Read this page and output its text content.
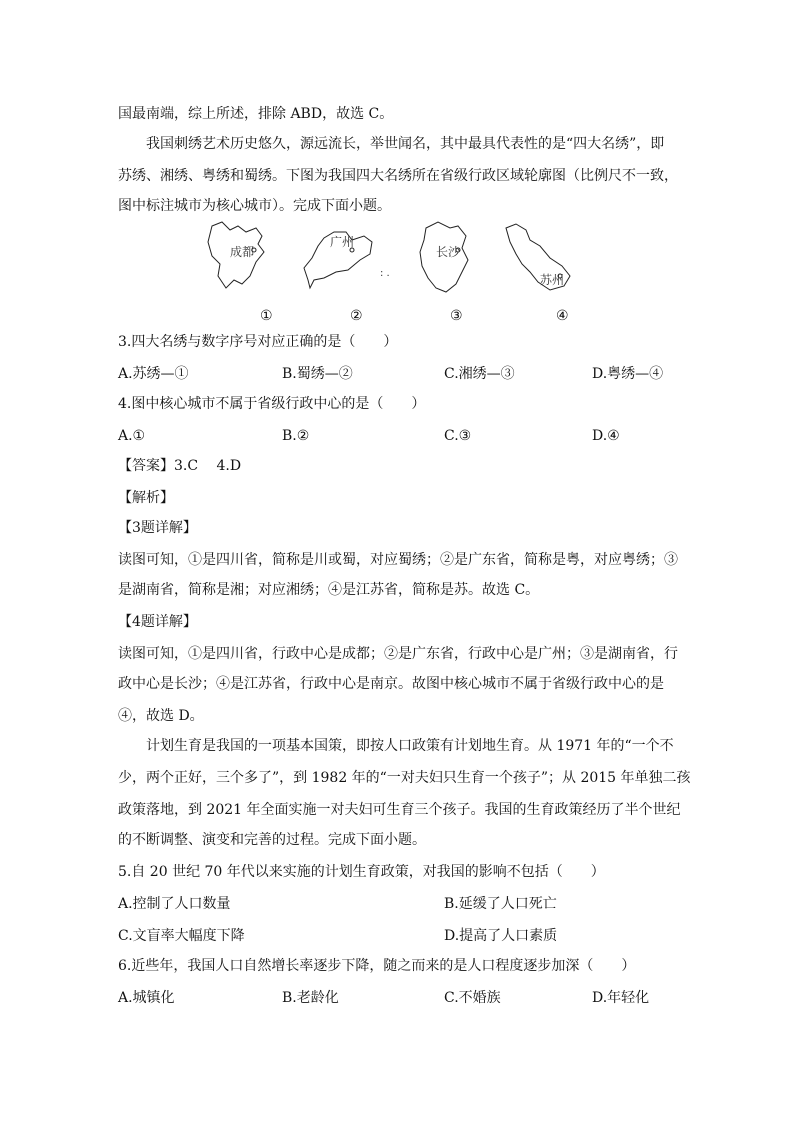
国最南端，综上所述，排除 ABD，故选 C。
我国刺绣艺术历史悠久，源远流长，举世闻名，其中最具代表性的是“四大名绣”，即
苏绣、湘绣、粤绣和蜀绣。下图为我国四大名绣所在省级行政区域轮廓图（比例尺不一致，
图中标注城市为核心城市）。完成下面小题。
成都
广州
: .
长沙
苏州
①	②	③	④
3.四大名绣与数字序号对应正确的是（　　）
A.苏绣—①	B.蜀绣—②	C.湘绣—③	D.粤绣—④
4.图中核心城市不属于省级行政中心的是（　　）
A.①	B.②	C.③	D.④
【答案】3.C　 4.D
【解析】
【3题详解】
读图可知，①是四川省，简称是川或蜀，对应蜀绣；②是广东省，简称是粤，对应粤绣；③
是湖南省，简称是湘；对应湘绣；④是江苏省，简称是苏。故选 C。
【4题详解】
读图可知，①是四川省，行政中心是成都；②是广东省，行政中心是广州；③是湖南省，行
政中心是长沙；④是江苏省，行政中心是南京。故图中核心城市不属于省级行政中心的是
④，故选 D。
计划生育是我国的一项基本国策，即按人口政策有计划地生育。从 1971 年的“一个不
少，两个正好，三个多了”，到 1982 年的“一对夫妇只生育一个孩子”；从 2015 年单独二孩
政策落地，到 2021 年全面实施一对夫妇可生育三个孩子。我国的生育政策经历了半个世纪
的不断调整、演变和完善的过程。完成下面小题。
5.自 20 世纪 70 年代以来实施的计划生育政策，对我国的影响不包括（　　）
A.控制了人口数量	B.延缓了人口死亡
C.文盲率大幅度下降	D.提高了人口素质
6.近些年，我国人口自然增长率逐步下降，随之而来的是人口程度逐步加深（　　）
A.城镇化	B.老龄化	C.不婚族	D.年轻化
